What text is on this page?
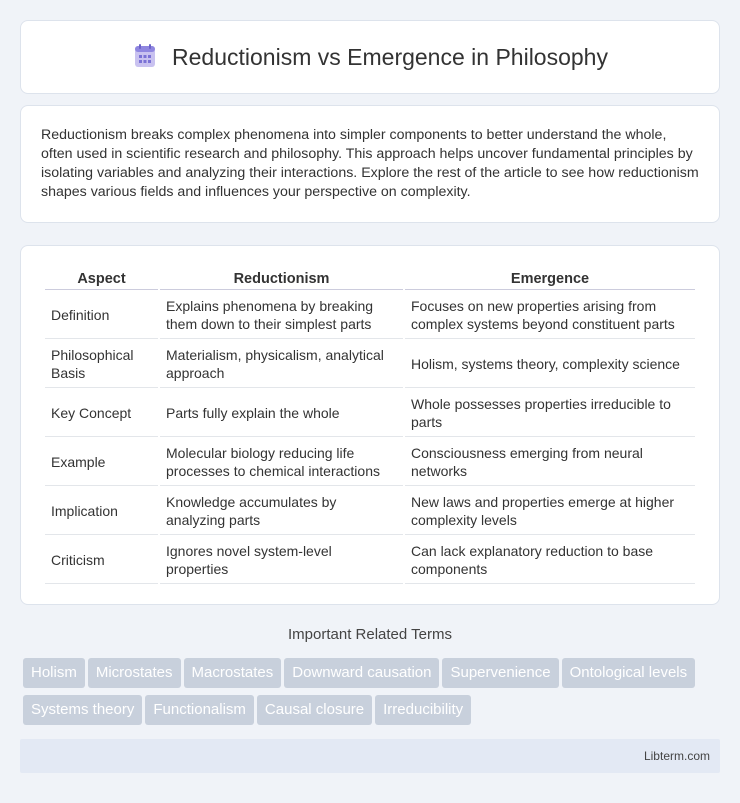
Reductionism vs Emergence in Philosophy

Reductionism breaks complex phenomena into simpler components to better understand the whole, often used in scientific research and philosophy. This approach helps uncover fundamental principles by isolating variables and analyzing their interactions. Explore the rest of the article to see how reductionism shapes various fields and influences your perspective on complexity.

Aspect	Reductionism	Emergence
Definition	Explains phenomena by breaking them down to their simplest parts	Focuses on new properties arising from complex systems beyond constituent parts
Philosophical Basis	Materialism, physicalism, analytical approach	Holism, systems theory, complexity science
Key Concept	Parts fully explain the whole	Whole possesses properties irreducible to parts
Example	Molecular biology reducing life processes to chemical interactions	Consciousness emerging from neural networks
Implication	Knowledge accumulates by analyzing parts	New laws and properties emerge at higher complexity levels
Criticism	Ignores novel system-level properties	Can lack explanatory reduction to base components
Important Related Terms
Holism Microstates Macrostates Downward causation Supervenience Ontological levelsSystems theory Functionalism Causal closure Irreducibility
Libterm.com
